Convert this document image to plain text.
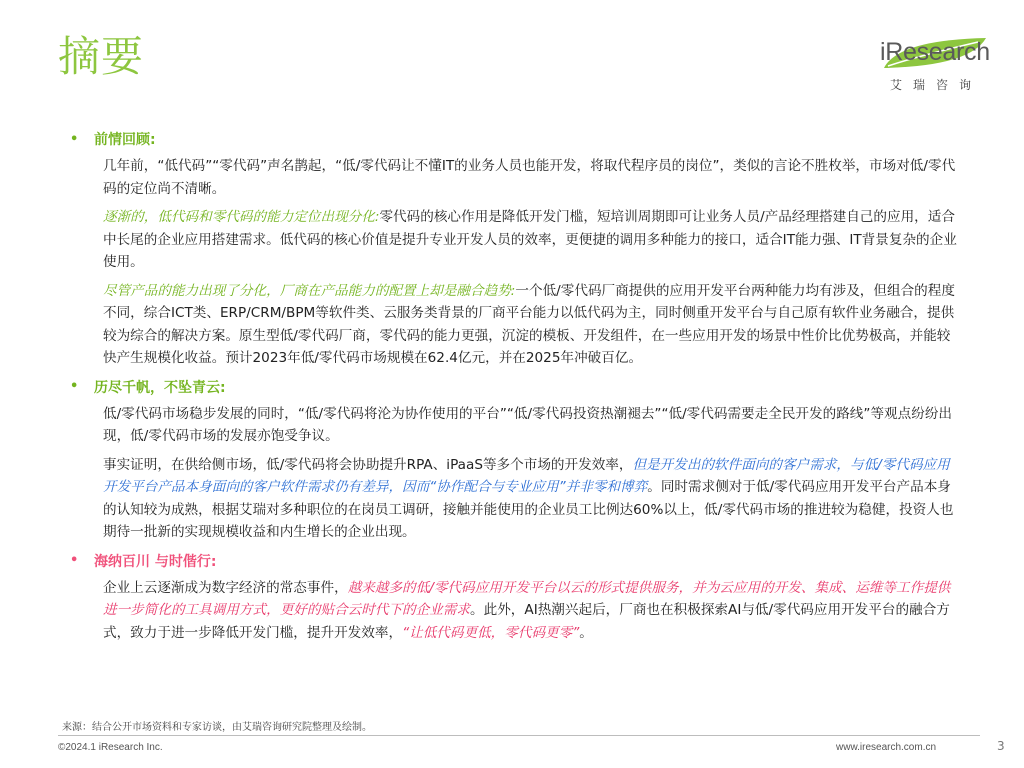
摘要	iResearch
艾瑞咨询
•	前情回顾:
几年前，“低代码”“零代码”声名鹊起，“低/零代码让不懂IT的业务人员也能开发，将取代程序员的岗位”，类似的言论不胜枚举，市场对低/零代码的定位尚不清晰。
逐渐的，低代码和零代码的能力定位出现分化:零代码的核心作用是降低开发门槛，短培训周期即可让业务人员/产品经理搭建自己的应用，适合中长尾的企业应用搭建需求。低代码的核心价值是提升专业开发人员的效率，更便捷的调用多种能力的接口，适合IT能力强、IT背景复杂的企业使用。
尽管产品的能力出现了分化，厂商在产品能力的配置上却是融合趋势:一个低/零代码厂商提供的应用开发平台两种能力均有涉及，但组合的程度不同，综合ICT类、ERP/CRM/BPM等软件类、云服务类背景的厂商平台能力以低代码为主，同时侧重开发平台与自己原有软件业务融合，提供较为综合的解决方案。原生型低/零代码厂商，零代码的能力更强，沉淀的模板、开发组件，在一些应用开发的场景中性价比优势极高，并能较快产生规模化收益。预计2023年低/零代码市场规模在62.4亿元，并在2025年冲破百亿。
•	历尽千帆，不坠青云:
低/零代码市场稳步发展的同时，“低/零代码将沦为协作使用的平台”“低/零代码投资热潮褪去”“低/零代码需要走全民开发的路线”等观点纷纷出现，低/零代码市场的发展亦饱受争议。
事实证明，在供给侧市场，低/零代码将会协助提升RPA、iPaaS等多个市场的开发效率，但是开发出的软件面向的客户需求，与低/零代码应用开发平台产品本身面向的客户软件需求仍有差异，因而“协作配合与专业应用”并非零和博弈。同时需求侧对于低/零代码应用开发平台产品本身的认知较为成熟，根据艾瑞对多种职位的在岗员工调研，接触并能使用的企业员工比例达60%以上，低/零代码市场的推进较为稳健，投资人也期待一批新的实现规模收益和内生增长的企业出现。
•	海纳百川 与时偕行:
企业上云逐渐成为数字经济的常态事件，越来越多的低/零代码应用开发平台以云的形式提供服务，并为云应用的开发、集成、运维等工作提供进一步简化的工具调用方式，更好的贴合云时代下的企业需求。此外，AI热潮兴起后，厂商也在积极探索AI与低/零代码应用开发平台的融合方式，致力于进一步降低开发门槛，提升开发效率，“让低代码更低，零代码更零”。
来源：结合公开市场资料和专家访谈，由艾瑞咨询研究院整理及绘制。
©2024.1 iResearch Inc.	www.iresearch.com.cn	3
